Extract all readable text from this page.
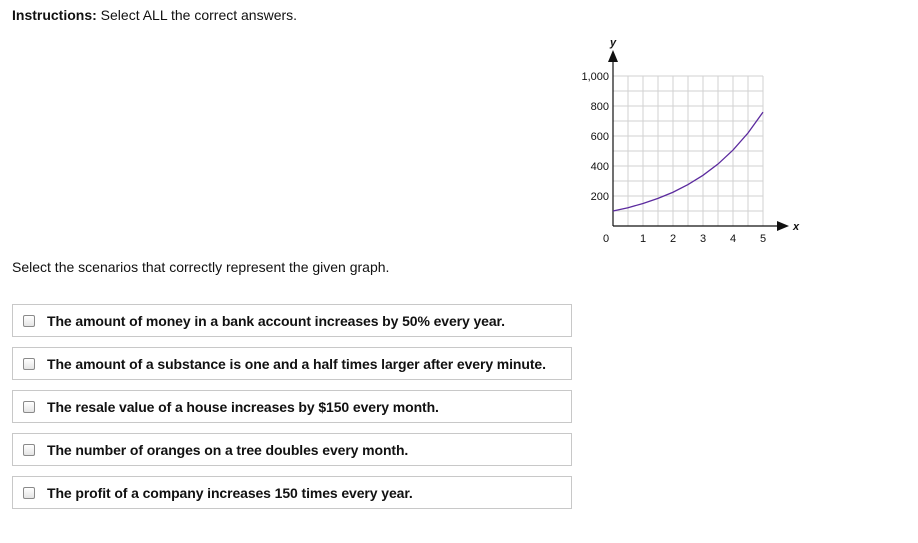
Instructions: Select ALL the correct answers.
x
y
0	1 2 3 4 5
200
400
600
800
1,000
Select the scenarios that correctly represent the given graph.
The amount of money in a bank account increases by 50% every year.
The amount of a substance is one and a half times larger after every minute.
The resale value of a house increases by $150 every month.
The number of oranges on a tree doubles every month.
The profit of a company increases 150 times every year.
